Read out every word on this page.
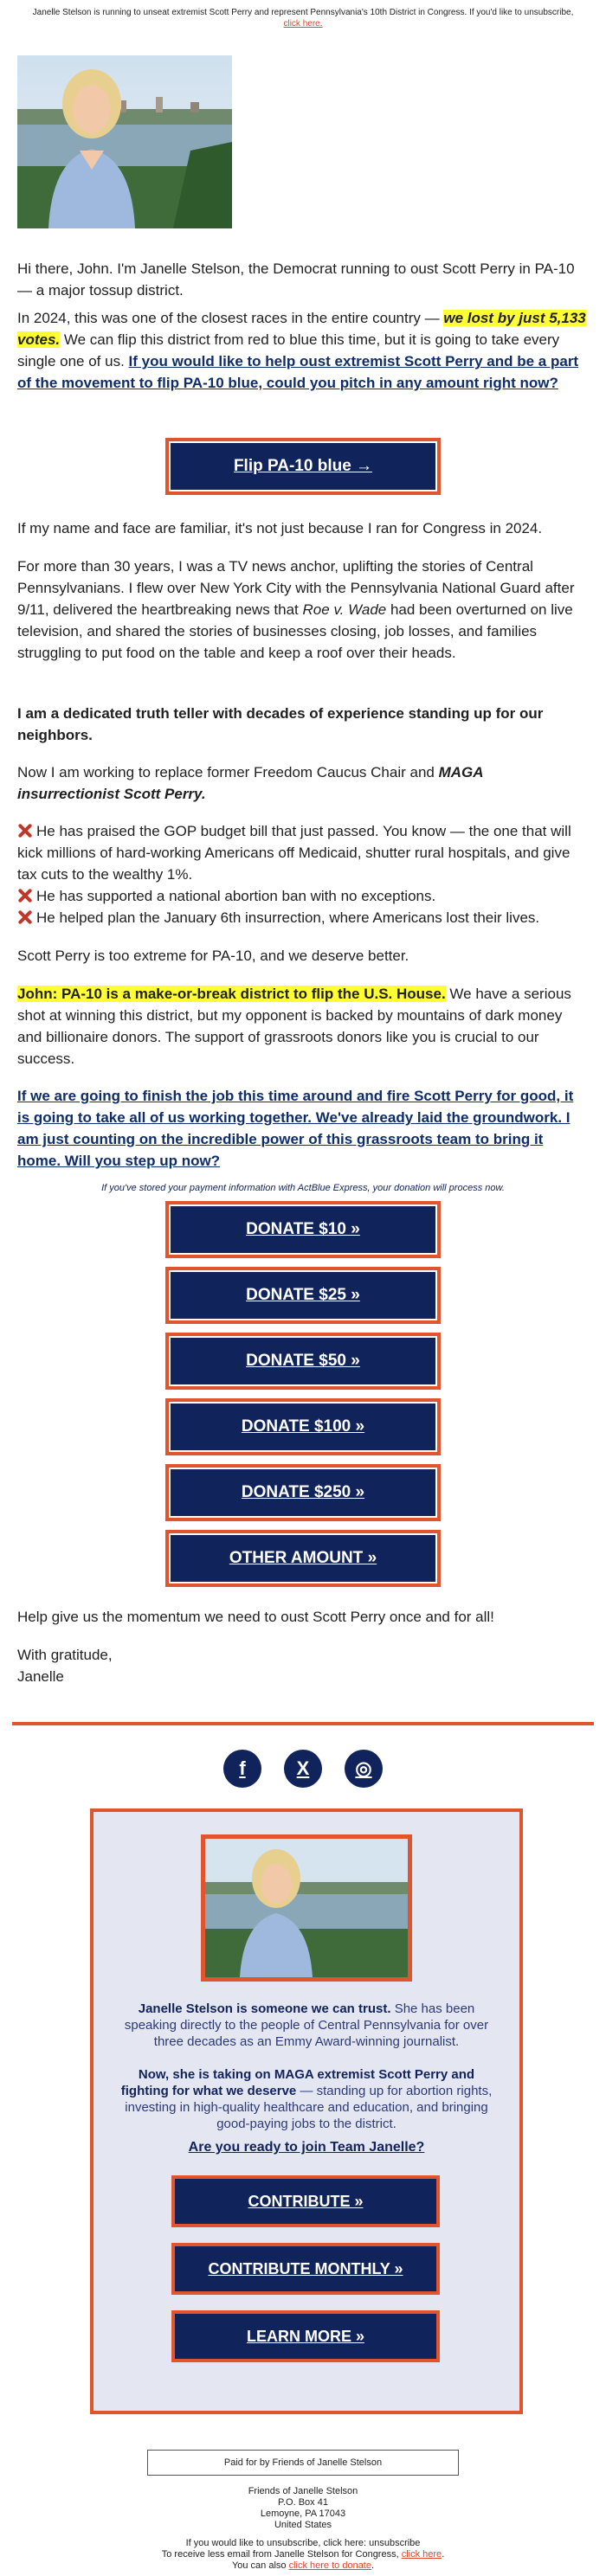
Janelle Stelson is running to unseat extremist Scott Perry and represent Pennsylvania's 10th District in Congress. If you'd like to unsubscribe,
click here.
Hi there, John. I'm Janelle Stelson, the Democrat running to oust Scott Perry in PA-10 — a major tossup district.
In 2024, this was one of the closest races in the entire country — we lost by just 5,133 votes. We can flip this district from red to blue this time, but it is going to take every single one of us. If you would like to help oust extremist Scott Perry and be a part of the movement to flip PA-10 blue, could you pitch in any amount right now?
Flip PA-10 blue →
If my name and face are familiar, it's not just because I ran for Congress in 2024.
For more than 30 years, I was a TV news anchor, uplifting the stories of Central Pennsylvanians. I flew over New York City with the Pennsylvania National Guard after 9/11, delivered the heartbreaking news that Roe v. Wade had been overturned on live television, and shared the stories of businesses closing, job losses, and families struggling to put food on the table and keep a roof over their heads.
I am a dedicated truth teller with decades of experience standing up for our neighbors.
Now I am working to replace former Freedom Caucus Chair and MAGA insurrectionist Scott Perry.
He has praised the GOP budget bill that just passed. You know — the one that will kick millions of hard-working Americans off Medicaid, shutter rural hospitals, and give tax cuts to the wealthy 1%.
He has supported a national abortion ban with no exceptions.
He helped plan the January 6th insurrection, where Americans lost their lives.
Scott Perry is too extreme for PA-10, and we deserve better.
John: PA-10 is a make-or-break district to flip the U.S. House. We have a serious shot at winning this district, but my opponent is backed by mountains of dark money and billionaire donors. The support of grassroots donors like you is crucial to our success.
If we are going to finish the job this time around and fire Scott Perry for good, it is going to take all of us working together. We've already laid the groundwork. I am just counting on the incredible power of this grassroots team to bring it home. Will you step up now?
If you've stored your payment information with ActBlue Express, your donation will process now.
DONATE $10 »
DONATE $25 »
DONATE $50 »
DONATE $100 »
DONATE $250 »
OTHER AMOUNT »
Help give us the momentum we need to oust Scott Perry once and for all!
With gratitude,
Janelle
f	X	◎
Janelle Stelson is someone we can trust. She has been speaking directly to the people of Central Pennsylvania for over three decades as an Emmy Award-winning journalist.
Now, she is taking on MAGA extremist Scott Perry and fighting for what we deserve — standing up for abortion rights, investing in high-quality healthcare and education, and bringing good-paying jobs to the district.
Are you ready to join Team Janelle?
CONTRIBUTE »
CONTRIBUTE MONTHLY »
LEARN MORE »
Paid for by Friends of Janelle Stelson
Friends of Janelle Stelson
P.O. Box 41
Lemoyne, PA 17043
United States
If you would like to unsubscribe, click here: unsubscribe
To receive less email from Janelle Stelson for Congress, click here.
You can also click here to donate.
